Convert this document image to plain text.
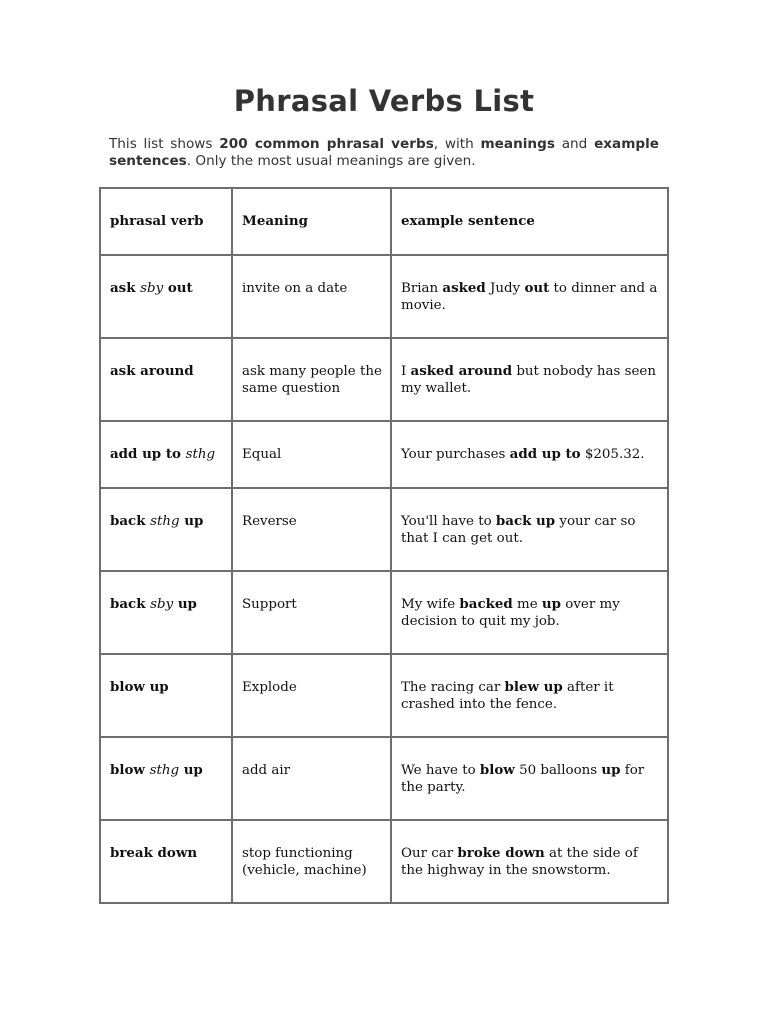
Phrasal Verbs List

This list shows 200 common phrasal verbs, with meanings and example sentences. Only the most usual meanings are given.

phrasal verb	Meaning	example sentence
ask sby out	invite on a date	Brian asked Judy out to dinner and a movie.
ask around	ask many people the same question	I asked around but nobody has seen my wallet.
add up to sthg	Equal	Your purchases add up to $205.32.
back sthg up	Reverse	You'll have to back up your car so that I can get out.
back sby up	Support	My wife backed me up over my decision to quit my job.
blow up	Explode	The racing car blew up after it crashed into the fence.
blow sthg up	add air	We have to blow 50 balloons up for the party.
break down	stop functioning (vehicle, machine)	Our car broke down at the side of the highway in the snowstorm.
